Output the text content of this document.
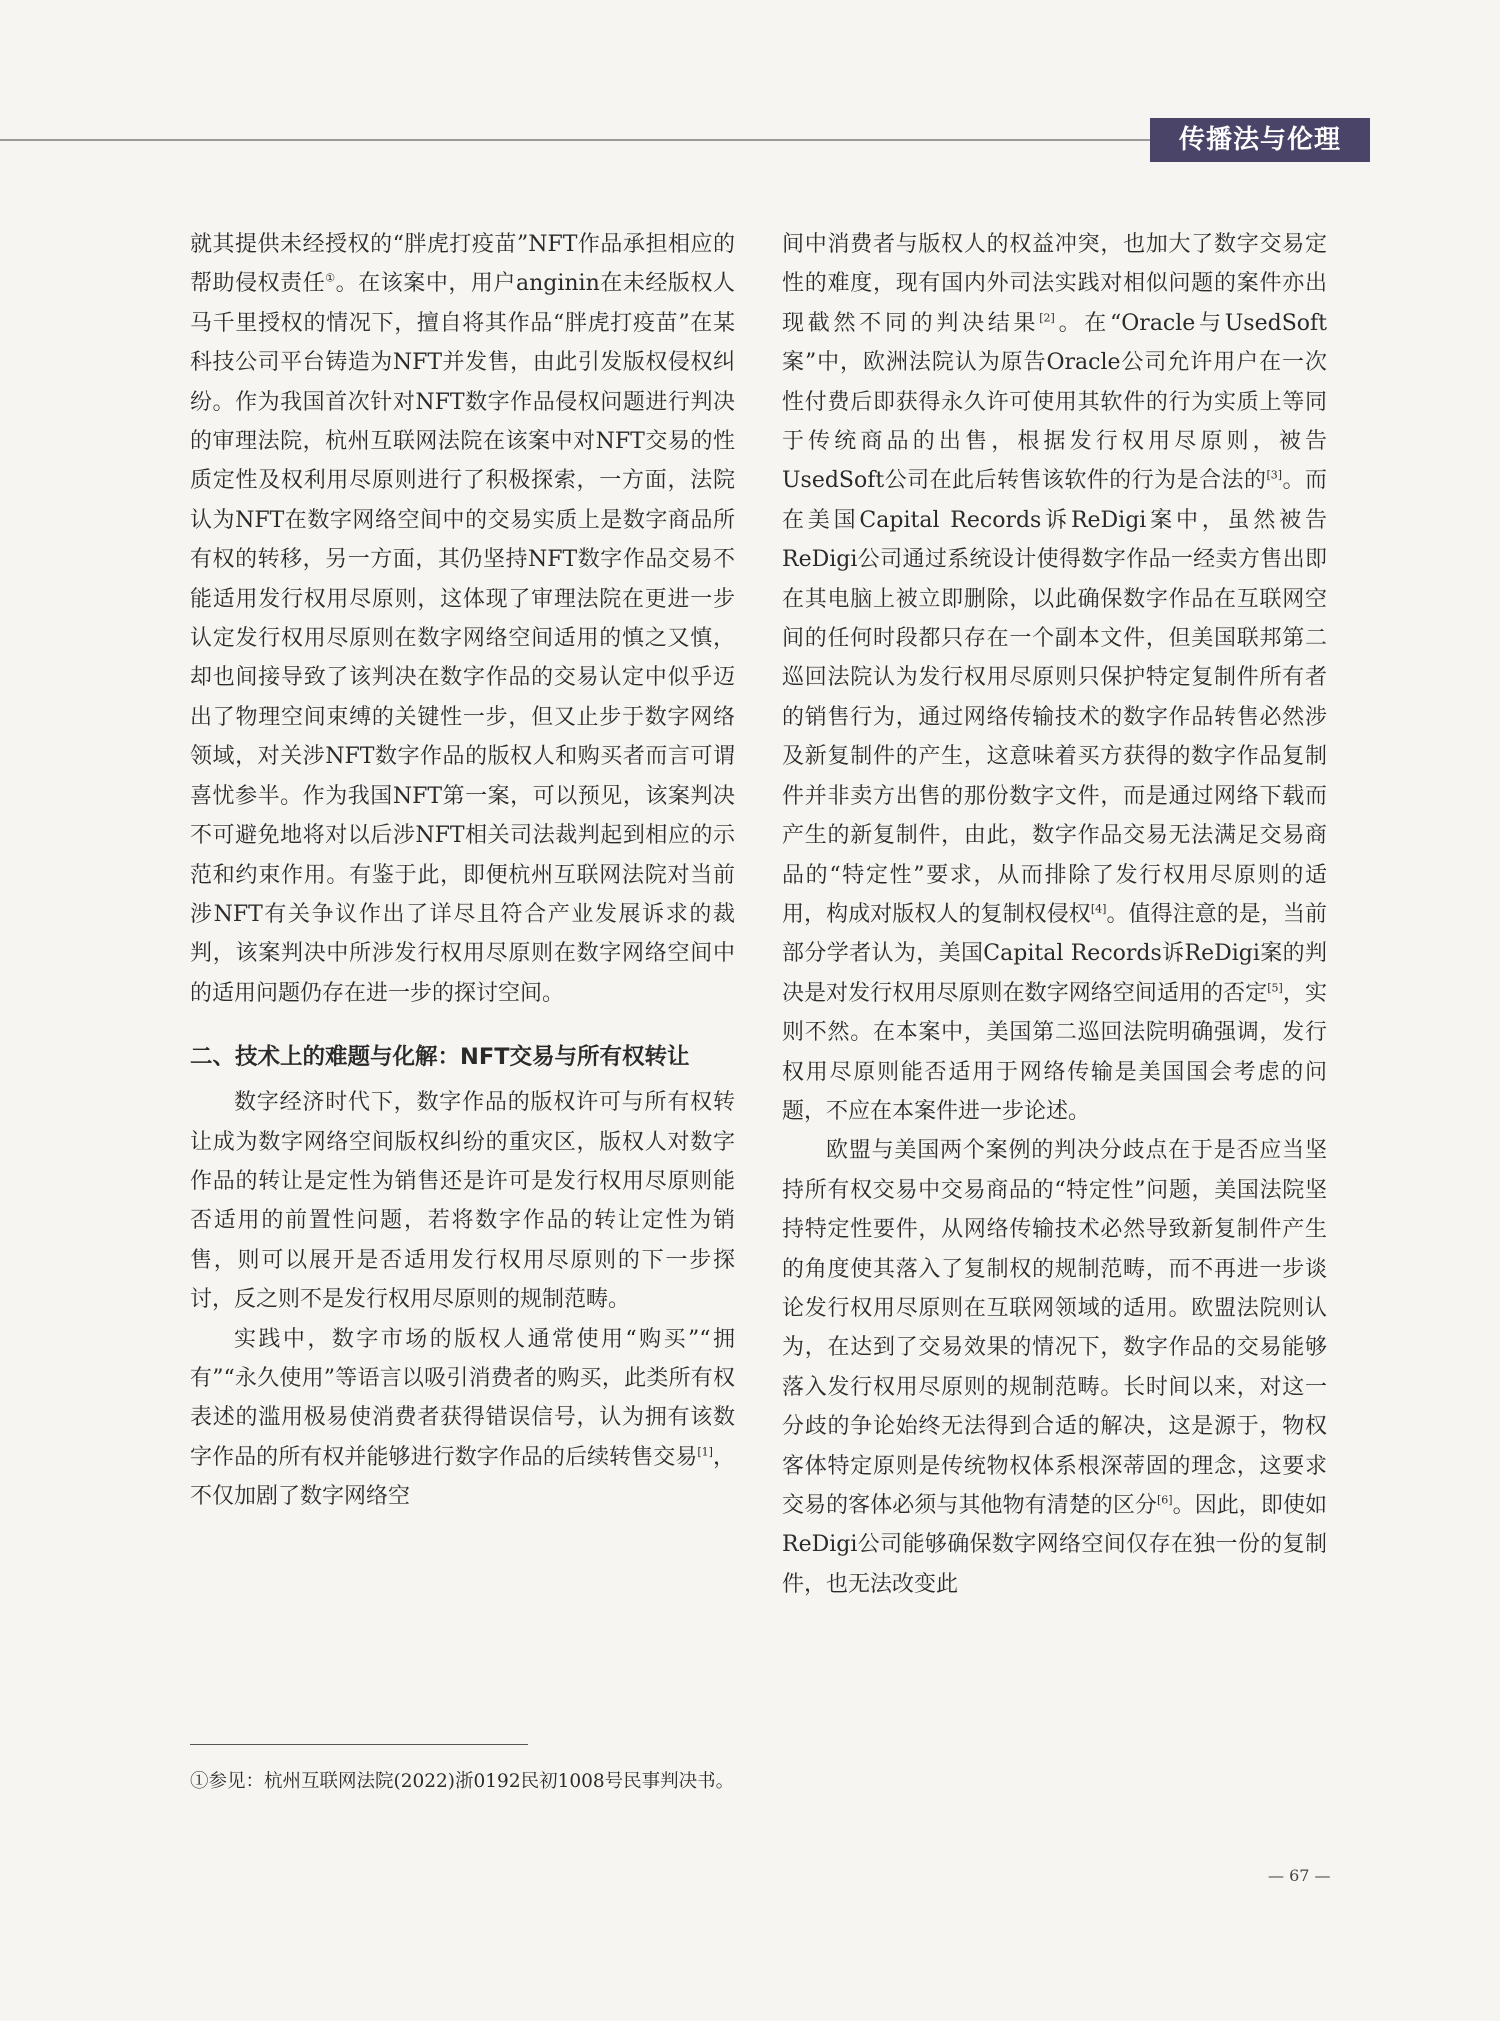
传播法与伦理

就其提供未经授权的“胖虎打疫苗”NFT作品承担相应的帮助侵权责任①。在该案中，用户anginin在未经版权人马千里授权的情况下，擅自将其作品“胖虎打疫苗”在某科技公司平台铸造为NFT并发售，由此引发版权侵权纠纷。作为我国首次针对NFT数字作品侵权问题进行判决的审理法院，杭州互联网法院在该案中对NFT交易的性质定性及权利用尽原则进行了积极探索，一方面，法院认为NFT在数字网络空间中的交易实质上是数字商品所有权的转移，另一方面，其仍坚持NFT数字作品交易不能适用发行权用尽原则，这体现了审理法院在更进一步认定发行权用尽原则在数字网络空间适用的慎之又慎，却也间接导致了该判决在数字作品的交易认定中似乎迈出了物理空间束缚的关键性一步，但又止步于数字网络领域，对关涉NFT数字作品的版权人和购买者而言可谓喜忧参半。作为我国NFT第一案，可以预见，该案判决不可避免地将对以后涉NFT相关司法裁判起到相应的示范和约束作用。有鉴于此，即便杭州互联网法院对当前涉NFT有关争议作出了详尽且符合产业发展诉求的裁判，该案判决中所涉发行权用尽原则在数字网络空间中的适用问题仍存在进一步的探讨空间。

二、技术上的难题与化解：NFT交易与所有权转让

数字经济时代下，数字作品的版权许可与所有权转让成为数字网络空间版权纠纷的重灾区，版权人对数字作品的转让是定性为销售还是许可是发行权用尽原则能否适用的前置性问题，若将数字作品的转让定性为销售，则可以展开是否适用发行权用尽原则的下一步探讨，反之则不是发行权用尽原则的规制范畴。

实践中，数字市场的版权人通常使用“购买”“拥有”“永久使用”等语言以吸引消费者的购买，此类所有权表述的滥用极易使消费者获得错误信号，认为拥有该数字作品的所有权并能够进行数字作品的后续转售交易[1]，不仅加剧了数字网络空

间中消费者与版权人的权益冲突，也加大了数字交易定性的难度，现有国内外司法实践对相似问题的案件亦出现截然不同的判决结果[2]。在“Oracle与UsedSoft案”中，欧洲法院认为原告Oracle公司允许用户在一次性付费后即获得永久许可使用其软件的行为实质上等同于传统商品的出售，根据发行权用尽原则，被告UsedSoft公司在此后转售该软件的行为是合法的[3]。而在美国Capital Records诉ReDigi案中，虽然被告ReDigi公司通过系统设计使得数字作品一经卖方售出即在其电脑上被立即删除，以此确保数字作品在互联网空间的任何时段都只存在一个副本文件，但美国联邦第二巡回法院认为发行权用尽原则只保护特定复制件所有者的销售行为，通过网络传输技术的数字作品转售必然涉及新复制件的产生，这意味着买方获得的数字作品复制件并非卖方出售的那份数字文件，而是通过网络下载而产生的新复制件，由此，数字作品交易无法满足交易商品的“特定性”要求，从而排除了发行权用尽原则的适用，构成对版权人的复制权侵权[4]。值得注意的是，当前部分学者认为，美国Capital Records诉ReDigi案的判决是对发行权用尽原则在数字网络空间适用的否定[5]，实则不然。在本案中，美国第二巡回法院明确强调，发行权用尽原则能否适用于网络传输是美国国会考虑的问题，不应在本案件进一步论述。

欧盟与美国两个案例的判决分歧点在于是否应当坚持所有权交易中交易商品的“特定性”问题，美国法院坚持特定性要件，从网络传输技术必然导致新复制件产生的角度使其落入了复制权的规制范畴，而不再进一步谈论发行权用尽原则在互联网领域的适用。欧盟法院则认为，在达到了交易效果的情况下，数字作品的交易能够落入发行权用尽原则的规制范畴。长时间以来，对这一分歧的争论始终无法得到合适的解决，这是源于，物权客体特定原则是传统物权体系根深蒂固的理念，这要求交易的客体必须与其他物有清楚的区分[6]。因此，即使如ReDigi公司能够确保数字网络空间仅存在独一份的复制件，也无法改变此

①参见：杭州互联网法院(2022)浙0192民初1008号民事判决书。
— 67 —
